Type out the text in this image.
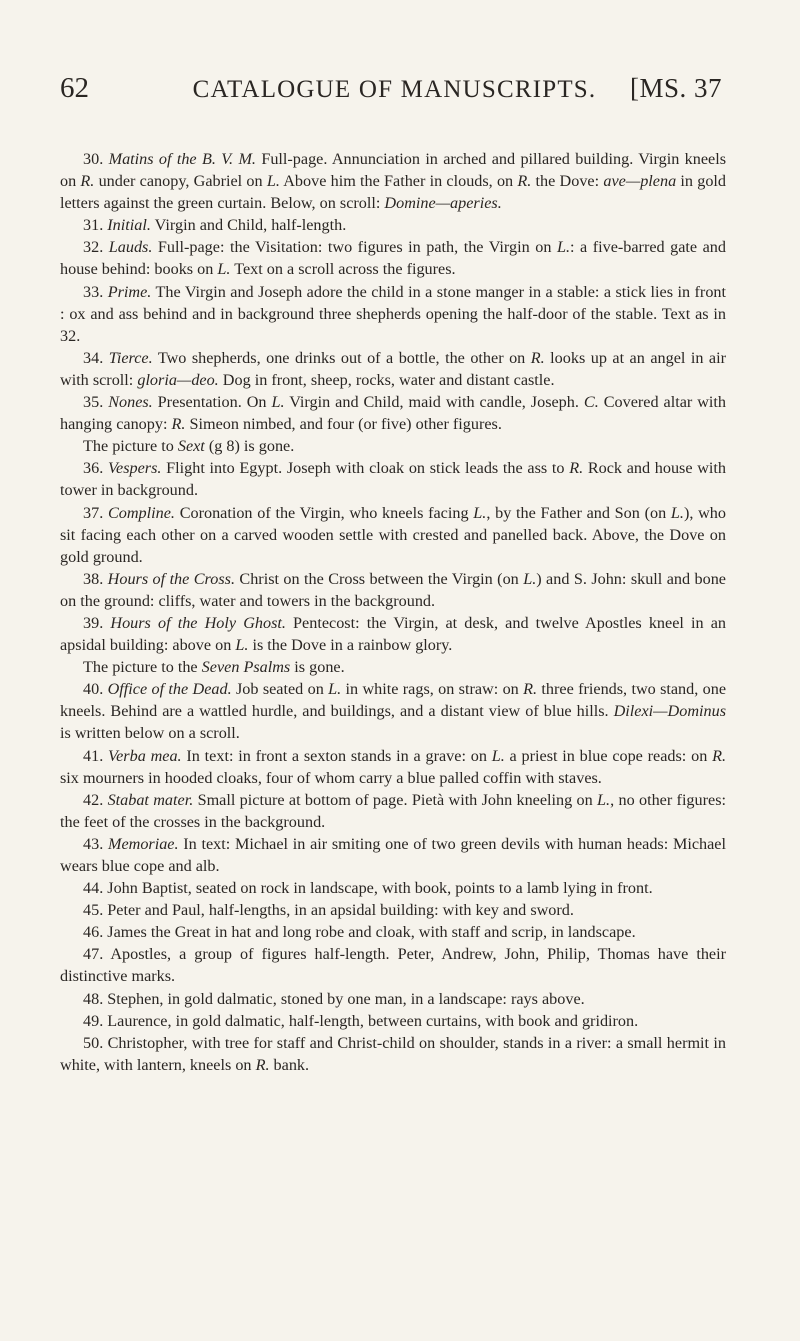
62	CATALOGUE OF MANUSCRIPTS. [MS. 37

30. Matins of the B. V. M. Full-page. Annunciation in arched and pillared building. Virgin kneels on R. under canopy, Gabriel on L. Above him the Father in clouds, on R. the Dove: ave—plena in gold letters against the green curtain. Below, on scroll: Domine—aperies.

31. Initial. Virgin and Child, half-length.

32. Lauds. Full-page: the Visitation: two figures in path, the Virgin on L.: a five-barred gate and house behind: books on L. Text on a scroll across the figures.

33. Prime. The Virgin and Joseph adore the child in a stone manger in a stable: a stick lies in front : ox and ass behind and in background three shepherds opening the half-door of the stable. Text as in 32.

34. Tierce. Two shepherds, one drinks out of a bottle, the other on R. looks up at an angel in air with scroll: gloria—deo. Dog in front, sheep, rocks, water and distant castle.

35. Nones. Presentation. On L. Virgin and Child, maid with candle, Joseph. C. Covered altar with hanging canopy: R. Simeon nimbed, and four (or five) other figures.

The picture to Sext (g 8) is gone.

36. Vespers. Flight into Egypt. Joseph with cloak on stick leads the ass to R. Rock and house with tower in background.

37. Compline. Coronation of the Virgin, who kneels facing L., by the Father and Son (on L.), who sit facing each other on a carved wooden settle with crested and panelled back. Above, the Dove on gold ground.

38. Hours of the Cross. Christ on the Cross between the Virgin (on L.) and S. John: skull and bone on the ground: cliffs, water and towers in the background.

39. Hours of the Holy Ghost. Pentecost: the Virgin, at desk, and twelve Apostles kneel in an apsidal building: above on L. is the Dove in a rainbow glory.

The picture to the Seven Psalms is gone.

40. Office of the Dead. Job seated on L. in white rags, on straw: on R. three friends, two stand, one kneels. Behind are a wattled hurdle, and buildings, and a distant view of blue hills. Dilexi—Dominus is written below on a scroll.

41. Verba mea. In text: in front a sexton stands in a grave: on L. a priest in blue cope reads: on R. six mourners in hooded cloaks, four of whom carry a blue palled coffin with staves.

42. Stabat mater. Small picture at bottom of page. Pietà with John kneeling on L., no other figures: the feet of the crosses in the background.

43. Memoriae. In text: Michael in air smiting one of two green devils with human heads: Michael wears blue cope and alb.

44. John Baptist, seated on rock in landscape, with book, points to a lamb lying in front.

45. Peter and Paul, half-lengths, in an apsidal building: with key and sword.

46. James the Great in hat and long robe and cloak, with staff and scrip, in landscape.

47. Apostles, a group of figures half-length. Peter, Andrew, John, Philip, Thomas have their distinctive marks.

48. Stephen, in gold dalmatic, stoned by one man, in a landscape: rays above.

49. Laurence, in gold dalmatic, half-length, between curtains, with book and gridiron.

50. Christopher, with tree for staff and Christ-child on shoulder, stands in a river: a small hermit in white, with lantern, kneels on R. bank.
